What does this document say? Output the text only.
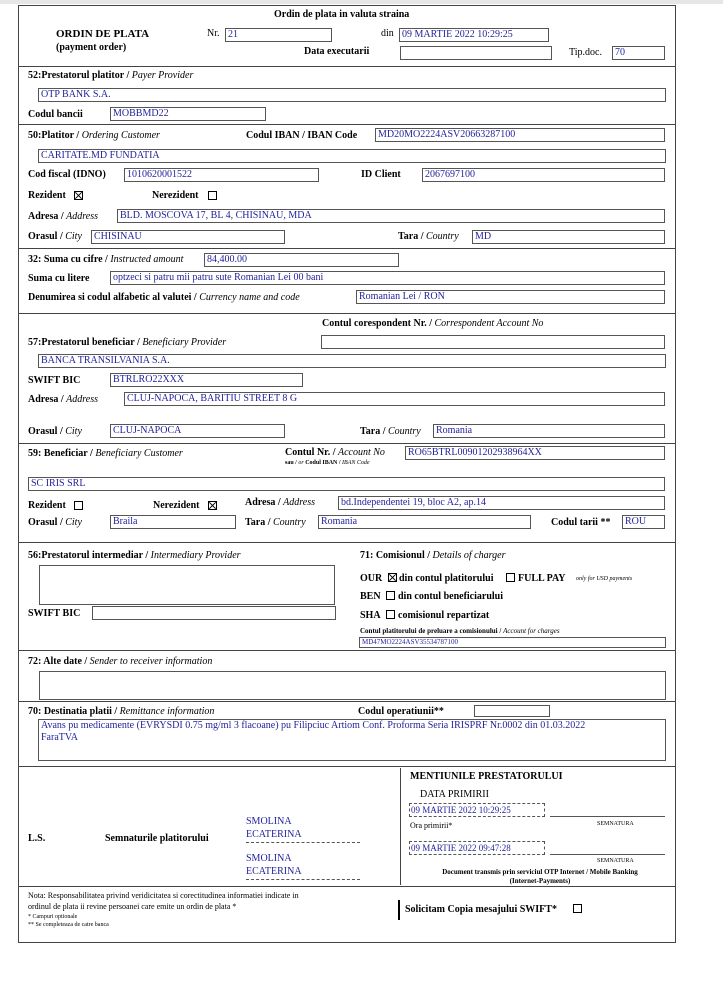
Ordin de plata in valuta straina
ORDIN DE PLATA
(payment order)
Nr. 21	din 09 MARTIE 2022 10:29:25
Data executarii	Tip.doc.	70
52:Prestatorul platitor / Payer Provider
OTP BANK S.A.
Codul bancii	MOBBMD22
50:Platitor / Ordering Customer	Codul IBAN / IBAN Code	MD20MO2224ASV20663287100
CARITATE.MD FUNDATIA
Cod fiscal (IDNO)	1010620001522	ID Client	2067697100
Rezident	Nerezident
Adresa / Address	BLD. MOSCOVA 17, BL 4, CHISINAU, MDA
Orasul / City	CHISINAU	Tara / Country	MD
32: Suma cu cifre / Instructed amount	84,400.00
Suma cu litere	optzeci si patru mii patru sute Romanian Lei 00 bani
Denumirea si codul alfabetic al valutei / Currency name and code	Romanian Lei / RON
Contul corespondent Nr. / Correspondent Account No
57:Prestatorul beneficiar / Beneficiary Provider
BANCA TRANSILVANIA S.A.
SWIFT BIC	BTRLRO22XXX
Adresa / Address	CLUJ-NAPOCA, BARITIU STREET 8 G
Orasul / City	CLUJ-NAPOCA	Tara / Country	Romania
59: Beneficiar / Beneficiary Customer	Contul Nr. / Account No
sau / or Codul IBAN / IBAN Code
RO65BTRL00901202938964XX
SC IRIS SRL
Rezident	Nerezident	Adresa / Address	bd.Independentei 19, bloc A2, ap.14
Orasul / City	Braila	Tara / Country	Romania	Codul tarii **	ROU
56:Prestatorul intermediar / Intermediary Provider
SWIFT BIC
71: Comisionul / Details of charger
OUR din contul platitorului FULL PAY only for USD payments
BEN din contul beneficiarului
SHA comisionul repartizat
Contul platitorului de preluare a comisionului / Account for charges
MD47MO2224ASV35534787100
72: Alte date / Sender to receiver information
70: Destinatia platii / Remittance information	Codul operatiunii**
Avans pu medicamente (EVRYSDI 0.75 mg/ml 3 flacoane) pu Filipciuc Artiom Conf. Proforma Seria IRISPRF Nr.0002 din 01.03.2022
FaraTVA
L.S.	Semnaturile platitorului
SMOLINA
ECATERINA
SMOLINA
ECATERINA
MENTIUNILE PRESTATORULUI
DATA PRIMIRII
09 MARTIE 2022 10:29:25
SEMNATURA
Ora primirii*
09 MARTIE 2022 09:47:28
SEMNATURA
Document transmis prin serviciul OTP Internet / Mobile Banking
(Internet-Payments)
Nota: Responsabilitatea privind veridicitatea si corectitudinea informatiei indicate in
ordinul de plata ii revine persoanei care emite un ordin de plata *
* Campuri optionale
** Se completeaza de catre banca
Solicitam Copia mesajului SWIFT*
